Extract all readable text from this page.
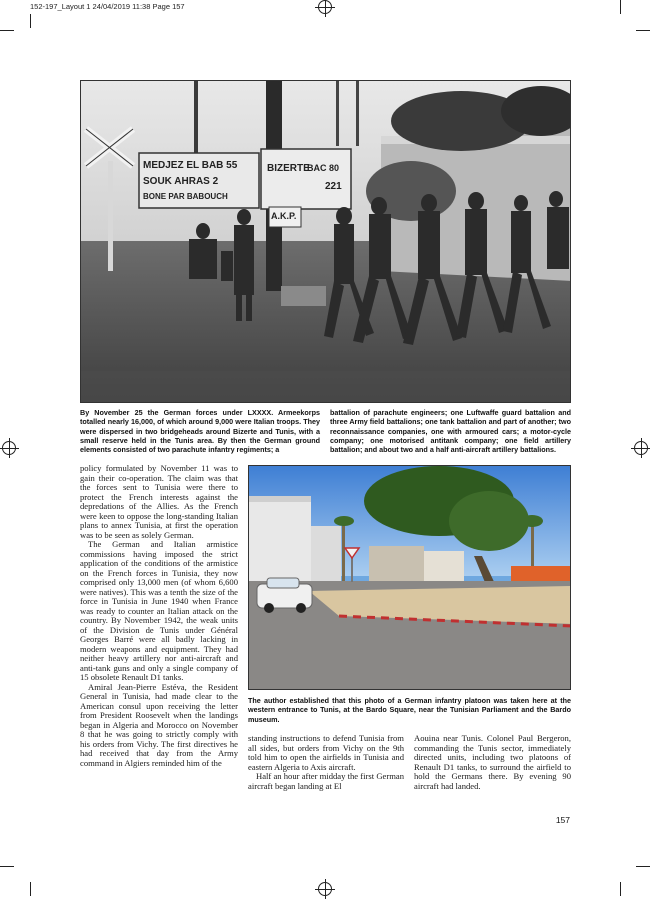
152-197_Layout 1 24/04/2019 11:38 Page 157
MEDJEZ EL BAB 55
SOUK AHRAS 2
BONE PAR BABOUCH
BIZERTE
BAC 80
221
A.K.P.
By November 25 the German forces under LXXXX. Armeekorps totalled nearly 16,000, of which around 9,000 were Italian troops. They were dispersed in two bridgeheads around Bizerte and Tunis, with a small reserve held in the Tunis area. By then the German ground elements consisted of two parachute infantry regiments; a
battalion of parachute engineers; one Luftwaffe guard battalion and three Army field battalions; one tank battalion and part of another; two reconnaissance companies, one with armoured cars; a motor-cycle company; one motorised antitank company; one field artillery battalion; and about two and a half anti-aircraft artillery battalions.

policy formulated by November 11 was to gain their co-operation. The claim was that the forces sent to Tunisia were there to protect the French interests against the depredations of the Allies. As the French were keen to oppose the long-standing Italian plans to annex Tunisia, at first the operation was to be seen as solely German.

The German and Italian armistice commissions having imposed the strict application of the conditions of the armistice on the French forces in Tunisia, they now comprised only 13,000 men (of whom 6,600 were natives). This was a tenth the size of the force in Tunisia in June 1940 when France was ready to counter an Italian attack on the country. By November 1942, the weak units of the Division de Tunis under Général Georges Barré were all badly lacking in modern weapons and equipment. They had neither heavy artillery nor anti-aircraft and anti-tank guns and only a single company of 15 obsolete Renault D1 tanks.

Amiral Jean-Pierre Estéva, the Resident General in Tunisia, had made clear to the American consul upon receiving the letter from President Roosevelt when the landings began in Algeria and Morocco on November 8 that he was going to strictly comply with his orders from Vichy. The first directives he had received that day from the Army command in Algiers reminded him of the

The author established that this photo of a German infantry platoon was taken here at the western entrance to Tunis, at the Bardo Square, near the Tunisian Parliament and the Bardo museum.

standing instructions to defend Tunisia from all sides, but orders from Vichy on the 9th told him to open the airfields in Tunisia and eastern Algeria to Axis aircraft.

Half an hour after midday the first German aircraft began landing at El

Aouina near Tunis. Colonel Paul Bergeron, commanding the Tunis sector, immediately directed units, including two platoons of Renault D1 tanks, to surround the airfield to hold the Germans there. By evening 90 aircraft had landed.

157
